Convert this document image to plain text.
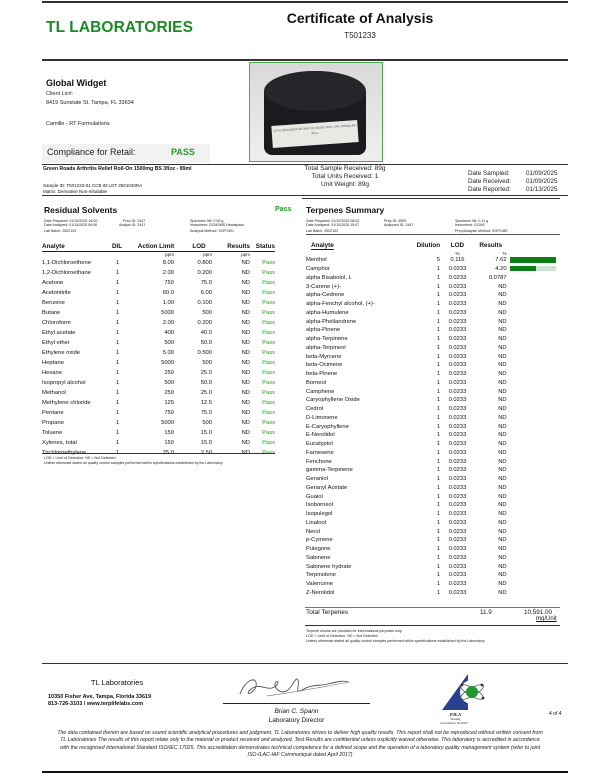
TL LABORATORIES
Certificate of Analysis
T501233
Global Widget
Client Lic#:
8419 Sunstate St. Tampa, FL 33634
Camille - RT Formulations	LOT# 2501040RA ARTHRITIS RELIEF ROLL-ON 1500mg BS 3fl oz
Compliance for Retail:	PASS
Green Roads Arthritis Relief Roll-On 1500mg BS 3floz - 89ml
Sample ID: T501233-01 CCB ID:LOT 2501040RA
Matrix: Derivative Non-Inhalable
Total Sample Received: 89g
Total Units Received: 1
Unit Weight: 89g
Date Sampled:	01/09/2025
Date Received: 01/09/2025
Date Reported: 01/13/2025
Residual Solvents	Pass
Date Prepared: 01/10/2025 16:00
Date Analyzed: 01/10/2025 06:56
Lab Batch: 2502129
Prep ID: 2447
Analyst ID: 2447
Specimen Wt: 0.05 g
Instrument: GCMSMS Headspace
Analysis Method: SOP1301
Analyte	DIL	Action Limit	LOD	Results	Status
		ppm	ppm	ppm	
1,1-Dichloroethene	1	8.00	0.800	ND	Pass
1,2-Dichloroethane	1	2.00	0.200	ND	Pass
Acetone	1	750	75.0	ND	Pass
Acetonitrile	1	60.0	6.00	ND	Pass
Benzene	1	1.00	0.100	ND	Pass
Butane	1	5000	500	ND	Pass
Chloroform	1	2.00	0.200	ND	Pass
Ethyl acetate	1	400	40.0	ND	Pass
Ethyl ether	1	500	50.0	ND	Pass
Ethylene oxide	1	5.00	0.500	ND	Pass
Heptane	1	5000	500	ND	Pass
Hexane	1	250	25.0	ND	Pass
Isopropyl alcohol	1	500	50.0	ND	Pass
Methanol	1	250	25.0	ND	Pass
Methylene chloride	1	125	12.5	ND	Pass
Pentane	1	750	75.0	ND	Pass
Propane	1	5000	500	ND	Pass
Toluene	1	150	15.0	ND	Pass
Xylenes, total	1	150	15.0	ND	Pass

LOD = Limit of Detection; ND = Not Detected
Unless otherwise stated all quality control samples performed within specifications established by the Laboratory.
Terpenes Summary
Date Prepared: 01/10/2025 08:52
Date Analyzed: 01/10/2025 15:07
Lab Batch: 2502102
Prep ID: 4509
Analyzed ID: 2447
Specimen Wt: 0.11 g
Instrument: GCMS
Prep/Analysis Method: SOP1380
Analyte	Dilution	LOD	Results	
		%	%	
Menthol	5	0.116	7.62	

Camphor	1	0.0233	4.20	

alpha Bisabolol, L	1	0.0233	0.0787	
3-Carene (+)-	1	0.0233	ND	
alpha-Cedrene	1	0.0233	ND	
alpha-Fenchyl alcohol, (+)-	1	0.0233	ND	
alpha-Humulene	1	0.0233	ND	
alpha-Phellandrene	1	0.0233	ND	
alpha-Pinene	1	0.0233	ND	
alpha-Terpinene	1	0.0233	ND	
alpha-Terpineol	1	0.0233	ND	
beta-Myrcene	1	0.0233	ND	
beta-Ocimene	1	0.0233	ND	
beta-Pinene	1	0.0233	ND	
Borneol	1	0.0233	ND	
Camphene	1	0.0233	ND	
Caryophyllene Oxide	1	0.0233	ND	
Cedrol	1	0.0233	ND	
D-Limonene	1	0.0233	ND	
E-Caryophyllene	1	0.0233	ND	
E-Nerolidol	1	0.0233	ND	
Eucalyptol	1	0.0233	ND	
Farnesene	1	0.0233	ND	
Fenchone	1	0.0233	ND	
gamma-Terpinene	1	0.0233	ND	
Geraniol	1	0.0233	ND	
Geranyl Acetate	1	0.0233	ND	
Guaiol	1	0.0233	ND	
Isoborneol	1	0.0233	ND	
Isopulegol	1	0.0233	ND	
Linalool	1	0.0233	ND	
Nerol	1	0.0233	ND	
p-Cymene	1	0.0233	ND	
Pulegone	1	0.0233	ND	
Sabinene	1	0.0233	ND	
Sabinene hydrate	1	0.0233	ND	
Terpinolene	1	0.0233	ND	
Valencene	1	0.0233	ND	
Z-Nerolidol	1	0.0233	ND	
Total Terpenes	11.9	10,591.00
mg/Unit
Terpene results are provided for informational purposes only.
LOD = Limit of Detection; ND = Not Detected
Unless otherwise stated all quality control samples performed within specifications established by the Laboratory.
TL Laboratories
10350 Fisher Ave, Tampa, Florida 33619
813-726-3103 / www.terplifelabs.com
Brian C. Spann
Laboratory Director
PJLA
Testing
Accreditation #L24057
4 of 4
The data contained therein are based on sound scientific analytical procedures and judgment. TL Laboratories strives to deliver high quality results. This report shall not be reproduced without written consent from TL Laboratories The results of this report relate only to the material or product received and analyzed. Test Results are confidential unless explicitly waived otherwise. This laboratory is accredited in accordance with the recognised International Standard ISO/IEC 17025. This accreditation demonstrates technical competence for a defined scope and the operation of a laboratory quality management system (refer to joint ISO-ILAC-IAF Communiqué dated April 2017)
